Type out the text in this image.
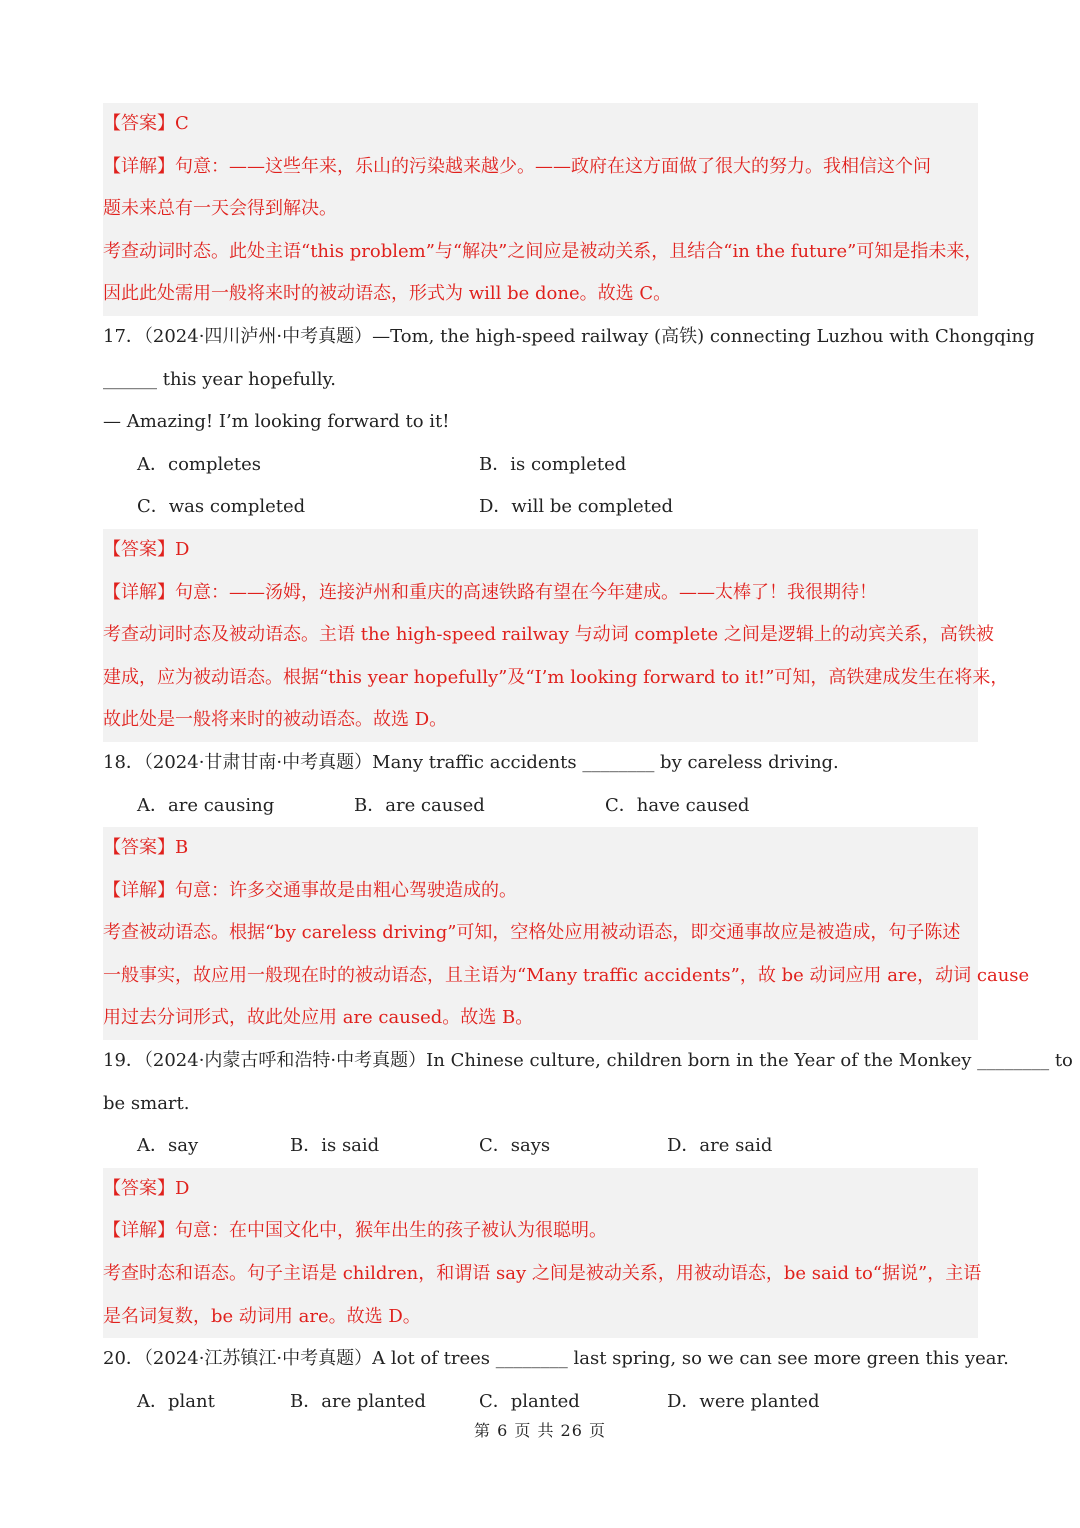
【答案】C
【详解】句意：——这些年来，乐山的污染越来越少。——政府在这方面做了很大的努力。我相信这个问
题未来总有一天会得到解决。
考查动词时态。此处主语“this problem”与“解决”之间应是被动关系，且结合“in the future”可知是指未来，
因此此处需用一般将来时的被动语态，形式为 will be done。故选 C。
17．（2024·四川泸州·中考真题）—Tom, the high-speed railway (高铁) connecting Luzhou with Chongqing
______ this year hopefully.
— Amazing! I’m looking forward to it!
A．completes	B．is completed
C．was completed	D．will be completed
【答案】D
【详解】句意：——汤姆，连接泸州和重庆的高速铁路有望在今年建成。——太棒了！我很期待！
考查动词时态及被动语态。主语 the high-speed railway 与动词 complete 之间是逻辑上的动宾关系，高铁被
建成，应为被动语态。根据“this year hopefully”及“I’m looking forward to it!”可知，高铁建成发生在将来，
故此处是一般将来时的被动语态。故选 D。
18．（2024·甘肃甘南·中考真题）Many traffic accidents ________ by careless driving.
A．are causing	B．are caused	C．have caused
【答案】B
【详解】句意：许多交通事故是由粗心驾驶造成的。
考查被动语态。根据“by careless driving”可知，空格处应用被动语态，即交通事故应是被造成，句子陈述
一般事实，故应用一般现在时的被动语态，且主语为“Many traffic accidents”，故 be 动词应用 are，动词 cause
用过去分词形式，故此处应用 are caused。故选 B。
19．（2024·内蒙古呼和浩特·中考真题）In Chinese culture, children born in the Year of the Monkey ________ to
be smart.
A．say	B．is said	C．says	D．are said
【答案】D
【详解】句意：在中国文化中，猴年出生的孩子被认为很聪明。
考查时态和语态。句子主语是 children，和谓语 say 之间是被动关系，用被动语态，be said to“据说”，主语
是名词复数，be 动词用 are。故选 D。
20．（2024·江苏镇江·中考真题）A lot of trees ________ last spring, so we can see more green this year.
A．plant	B．are planted	C．planted	D．were planted
第 6 页 共 26 页
